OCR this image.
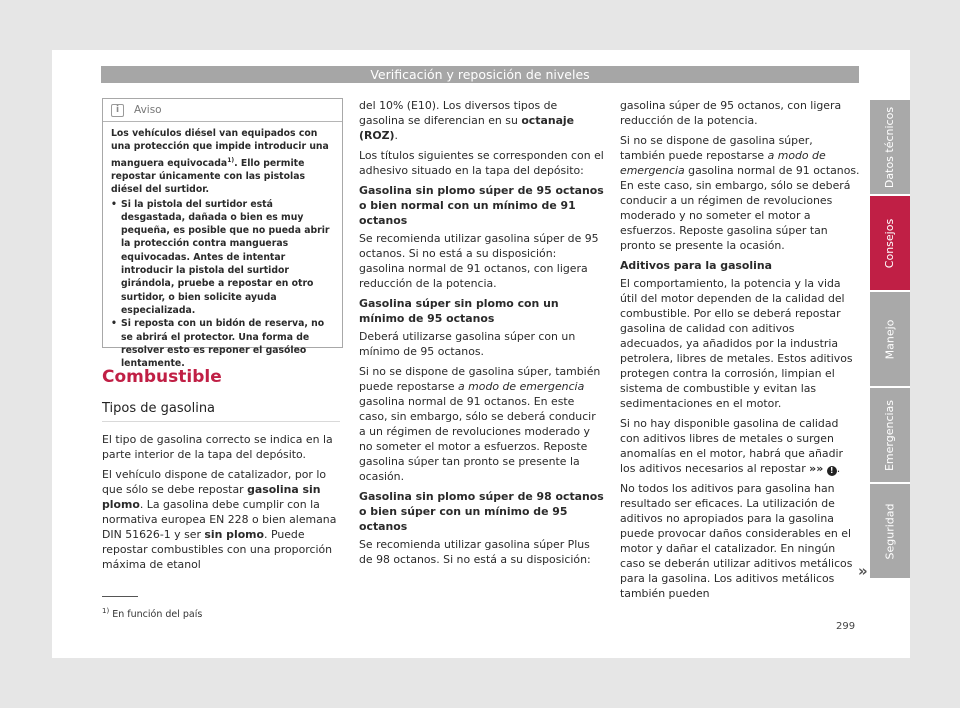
Verificación y reposición de niveles
i	Aviso

Los vehículos diésel van equipados con una protección que impide introducir una manguera equivocada$^{1)}$. Ello permite repostar únicamente con las pistolas diésel del surtidor.

• Si la pistola del surtidor está desgastada, dañada o bien es muy pequeña, es posible que no pueda abrir la protección contra mangueras equivocadas. Antes de intentar introducir la pistola del surtidor girándola, pruebe a repostar en otro surtidor, o bien solicite ayuda especializada.
• Si reposta con un bidón de reserva, no se abrirá el protector. Una forma de resolver esto es reponer el gasóleo lentamente.
Combustible
Tipos de gasolina

El tipo de gasolina correcto se indica en la parte interior de la tapa del depósito.

El vehículo dispone de catalizador, por lo que sólo se debe repostar gasolina sin plomo. La gasolina debe cumplir con la normativa europea EN 228 o bien alemana DIN 51626-1 y ser sin plomo. Puede repostar combustibles con una proporción máxima de etanol

del 10% (E10). Los diversos tipos de gasolina se diferencian en su octanaje (ROZ).

Los títulos siguientes se corresponden con el adhesivo situado en la tapa del depósito:

Gasolina sin plomo súper de 95 octanos o bien normal con un mínimo de 91 octanos

Se recomienda utilizar gasolina súper de 95 octanos. Si no está a su disposición: gasolina normal de 91 octanos, con ligera reducción de la potencia.

Gasolina súper sin plomo con un mínimo de 95 octanos

Deberá utilizarse gasolina súper con un mínimo de 95 octanos.

Si no se dispone de gasolina súper, también puede repostarse a modo de emergencia gasolina normal de 91 octanos. En este caso, sin embargo, sólo se deberá conducir a un régimen de revoluciones moderado y no someter el motor a esfuerzos. Reposte gasolina súper tan pronto se presente la ocasión.

Gasolina sin plomo súper de 98 octanos o bien súper con un mínimo de 95 octanos

Se recomienda utilizar gasolina súper Plus de 98 octanos. Si no está a su disposición:

gasolina súper de 95 octanos, con ligera reducción de la potencia.

Si no se dispone de gasolina súper, también puede repostarse a modo de emergencia gasolina normal de 91 octanos. En este caso, sin embargo, sólo se deberá conducir a un régimen de revoluciones moderado y no someter el motor a esfuerzos. Reposte gasolina súper tan pronto se presente la ocasión.

Aditivos para la gasolina

El comportamiento, la potencia y la vida útil del motor dependen de la calidad del combustible. Por ello se deberá repostar gasolina de calidad con aditivos adecuados, ya añadidos por la industria petrolera, libres de metales. Estos aditivos protegen contra la corrosión, limpian el sistema de combustible y evitan las sedimentaciones en el motor.

Si no hay disponible gasolina de calidad con aditivos libres de metales o surgen anomalías en el motor, habrá que añadir los aditivos necesarios al repostar »» ! .

No todos los aditivos para gasolina han resultado ser eficaces. La utilización de aditivos no apropiados para la gasolina puede provocar daños considerables en el motor y dañar el catalizador. En ningún caso se deberán utilizar aditivos metálicos para la gasolina. Los aditivos metálicos también pueden

»
$^{1)}$ En función del país
299
Datos técnicos
Consejos
Manejo
Emergencias
Seguridad
